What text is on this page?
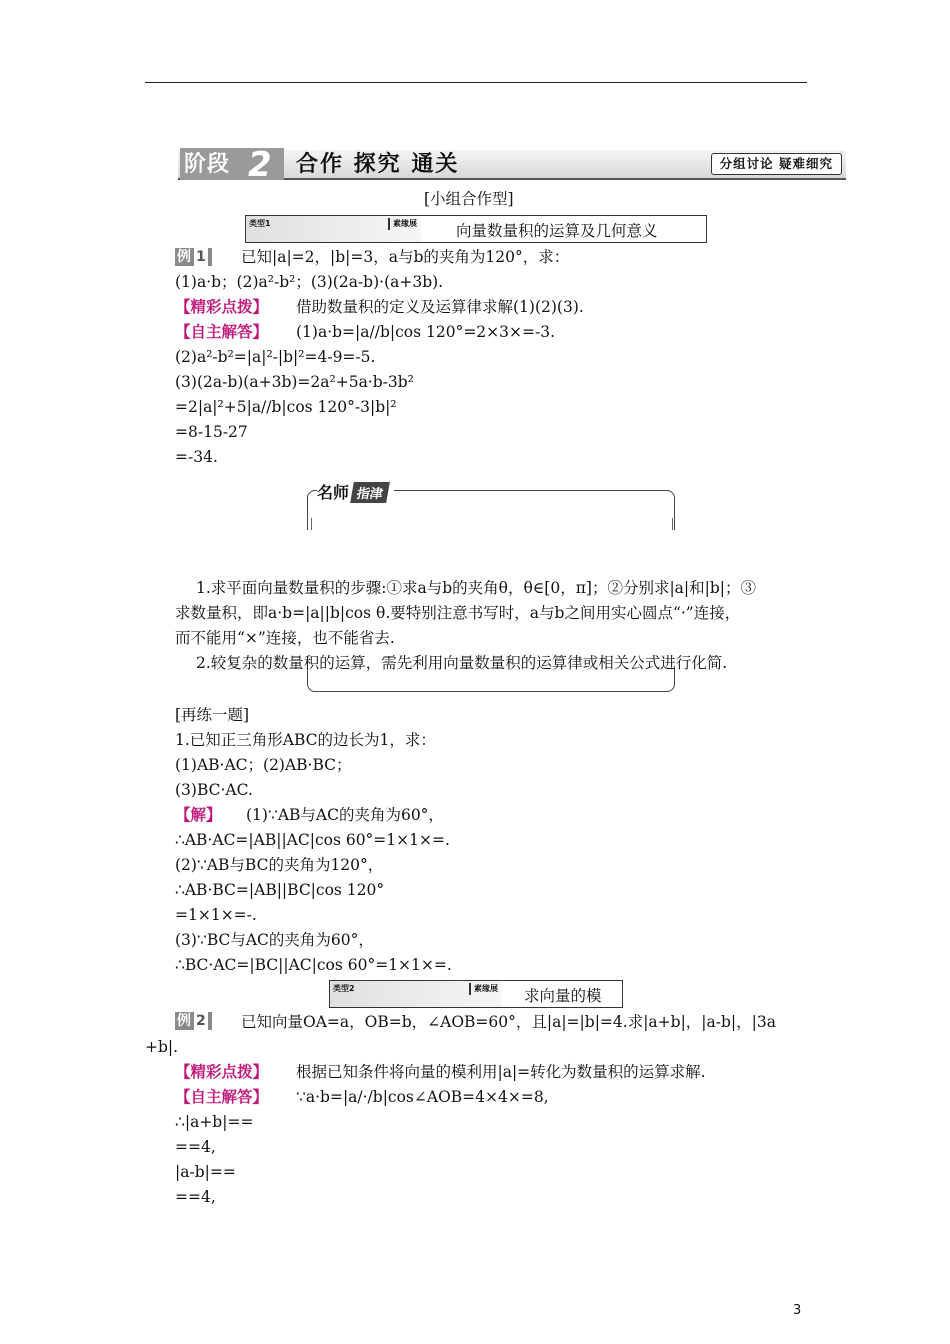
阶段 2 合作 探究 通关	分组讨论 疑难细究
[小组合作型]
类型1	素缘展	向量数量积的运算及几何意义
例 1	已知|a|=2，|b|=3，a与b的夹角为120°，求：
(1)a·b；(2)a²-b²；(3)(2a-b)·(a+3b).
【精彩点拨】 借助数量积的定义及运算律求解(1)(2)(3).
【自主解答】 (1)a·b=|a//b|cos 120°=2×3×=-3.
(2)a²-b²=|a|²-|b|²=4-9=-5.
(3)(2a-b)(a+3b)=2a²+5a·b-3b²
=2|a|²+5|a//b|cos 120°-3|b|²
=8-15-27
=-34.
名师 指津
1.求平面向量数量积的步骤:①求a与b的夹角θ，θ∈[0，π]；②分别求|a|和|b|；③
求数量积，即a·b=|a||b|cos θ.要特别注意书写时，a与b之间用实心圆点“·”连接，
而不能用“×”连接，也不能省去.
2.较复杂的数量积的运算，需先利用向量数量积的运算律或相关公式进行化简.
[再练一题]
1.已知正三角形ABC的边长为1，求：
(1)AB·AC；(2)AB·BC；
(3)BC·AC.
【解】 (1)∵AB与AC的夹角为60°，
∴AB·AC=|AB||AC|cos 60°=1×1×=.
(2)∵AB与BC的夹角为120°，
∴AB·BC=|AB||BC|cos 120°
=1×1×=-.
(3)∵BC与AC的夹角为60°，
∴BC·AC=|BC||AC|cos 60°=1×1×=.
类型2	素缘展 求向量的模
例 2	已知向量OA=a，OB=b，∠AOB=60°，且|a|=|b|=4.求|a+b|，|a-b|，|3a
+b|.
【精彩点拨】 根据已知条件将向量的模利用|a|=转化为数量积的运算求解.
【自主解答】 ∵a·b=|a/·/b|cos∠AOB=4×4×=8,
∴|a+b|==
==4,
|a-b|==
==4,
3
